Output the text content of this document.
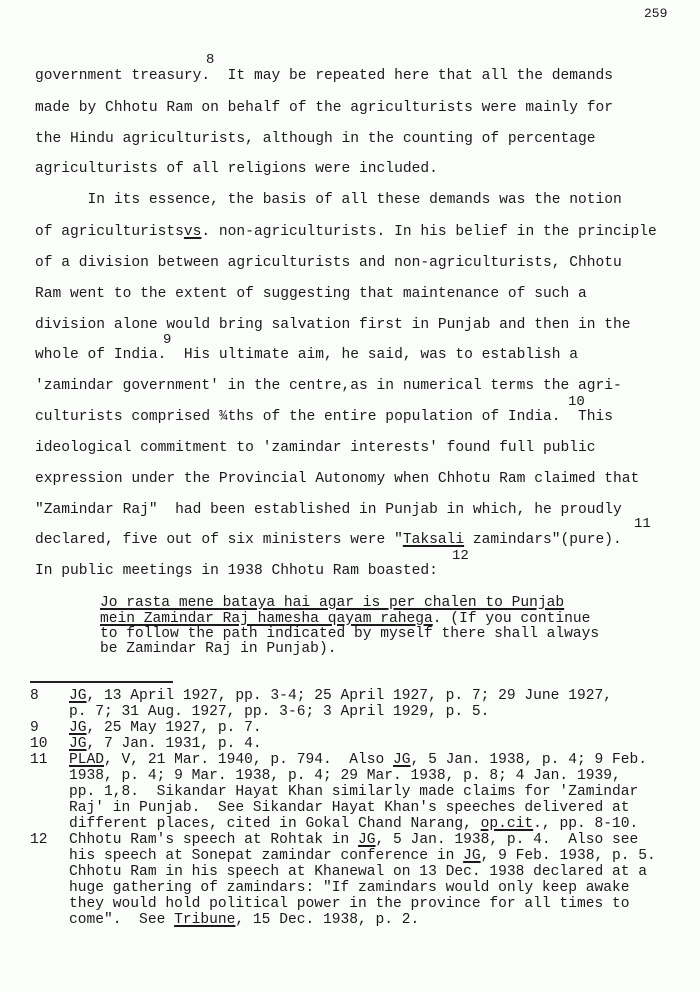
259
8
government treasury.  It may be repeated here that all the demands
made by Chhotu Ram on behalf of the agriculturists were mainly for
the Hindu agriculturists, although in the counting of percentage
agriculturists of all religions were included.
In its essence, the basis of all these demands was the notion
of agriculturistsvs. non-agriculturists. In his belief in the principle
of a division between agriculturists and non-agriculturists, Chhotu
Ram went to the extent of suggesting that maintenance of such a
division alone would bring salvation first in Punjab and then in the
9
whole of India.  His ultimate aim, he said, was to establish a
'zamindar government' in the centre,as in numerical terms the agri-
10
culturists comprised ¾ths of the entire population of India.  This
ideological commitment to 'zamindar interests' found full public
expression under the Provincial Autonomy when Chhotu Ram claimed that
"Zamindar Raj"  had been established in Punjab in which, he proudly
11
declared, five out of six ministers were "Taksali zamindars"(pure).
12
In public meetings in 1938 Chhotu Ram boasted:
Jo rasta mene bataya hai agar is per chalen to Punjab
mein Zamindar Raj hamesha qayam rahega. (If you continue
to follow the path indicated by myself there shall always
be Zamindar Raj in Punjab).
8 JG, 13 April 1927, pp. 3-4; 25 April 1927, p. 7; 29 June 1927,
p. 7; 31 Aug. 1927, pp. 3-6; 3 April 1929, p. 5.
9 JG, 25 May 1927, p. 7.
10 JG, 7 Jan. 1931, p. 4.
11 PLAD, V, 21 Mar. 1940, p. 794.  Also JG, 5 Jan. 1938, p. 4; 9 Feb.
1938, p. 4; 9 Mar. 1938, p. 4; 29 Mar. 1938, p. 8; 4 Jan. 1939,
pp. 1,8.  Sikandar Hayat Khan similarly made claims for 'Zamindar
Raj' in Punjab.  See Sikandar Hayat Khan's speeches delivered at
different places, cited in Gokal Chand Narang, op.cit., pp. 8-10.
12 Chhotu Ram's speech at Rohtak in JG, 5 Jan. 1938, p. 4.  Also see
his speech at Sonepat zamindar conference in JG, 9 Feb. 1938, p. 5.
Chhotu Ram in his speech at Khanewal on 13 Dec. 1938 declared at a
huge gathering of zamindars: "If zamindars would only keep awake
they would hold political power in the province for all times to
come".  See Tribune, 15 Dec. 1938, p. 2.
